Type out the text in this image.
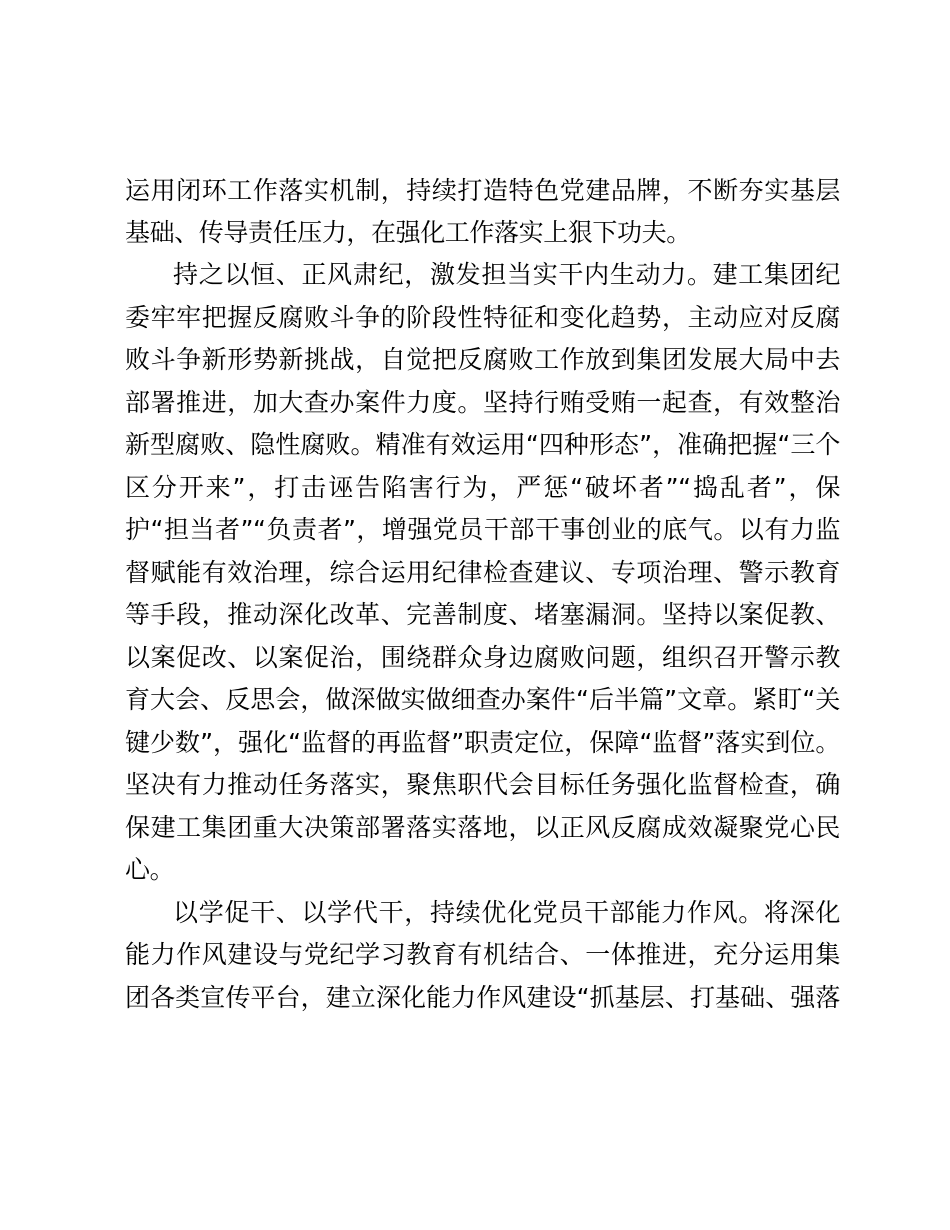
运用闭环工作落实机制，持续打造特色党建品牌，不断夯实基层
基础、传导责任压力，在强化工作落实上狠下功夫。
持之以恒、正风肃纪，激发担当实干内生动力。建工集团纪
委牢牢把握反腐败斗争的阶段性特征和变化趋势，主动应对反腐
败斗争新形势新挑战，自觉把反腐败工作放到集团发展大局中去
部署推进，加大查办案件力度。坚持行贿受贿一起查，有效整治
新型腐败、隐性腐败。精准有效运用“四种形态”，准确把握“三个
区分开来”，打击诬告陷害行为，严惩“破坏者”“捣乱者”，保
护“担当者”“负责者”，增强党员干部干事创业的底气。以有力监
督赋能有效治理，综合运用纪律检查建议、专项治理、警示教育
等手段，推动深化改革、完善制度、堵塞漏洞。坚持以案促教、
以案促改、以案促治，围绕群众身边腐败问题，组织召开警示教
育大会、反思会，做深做实做细查办案件“后半篇”文章。紧盯“关
键少数”，强化“监督的再监督”职责定位，保障“监督”落实到位。
坚决有力推动任务落实，聚焦职代会目标任务强化监督检查，确
保建工集团重大决策部署落实落地，以正风反腐成效凝聚党心民
心。
以学促干、以学代干，持续优化党员干部能力作风。将深化
能力作风建设与党纪学习教育有机结合、一体推进，充分运用集
团各类宣传平台，建立深化能力作风建设“抓基层、打基础、强落
